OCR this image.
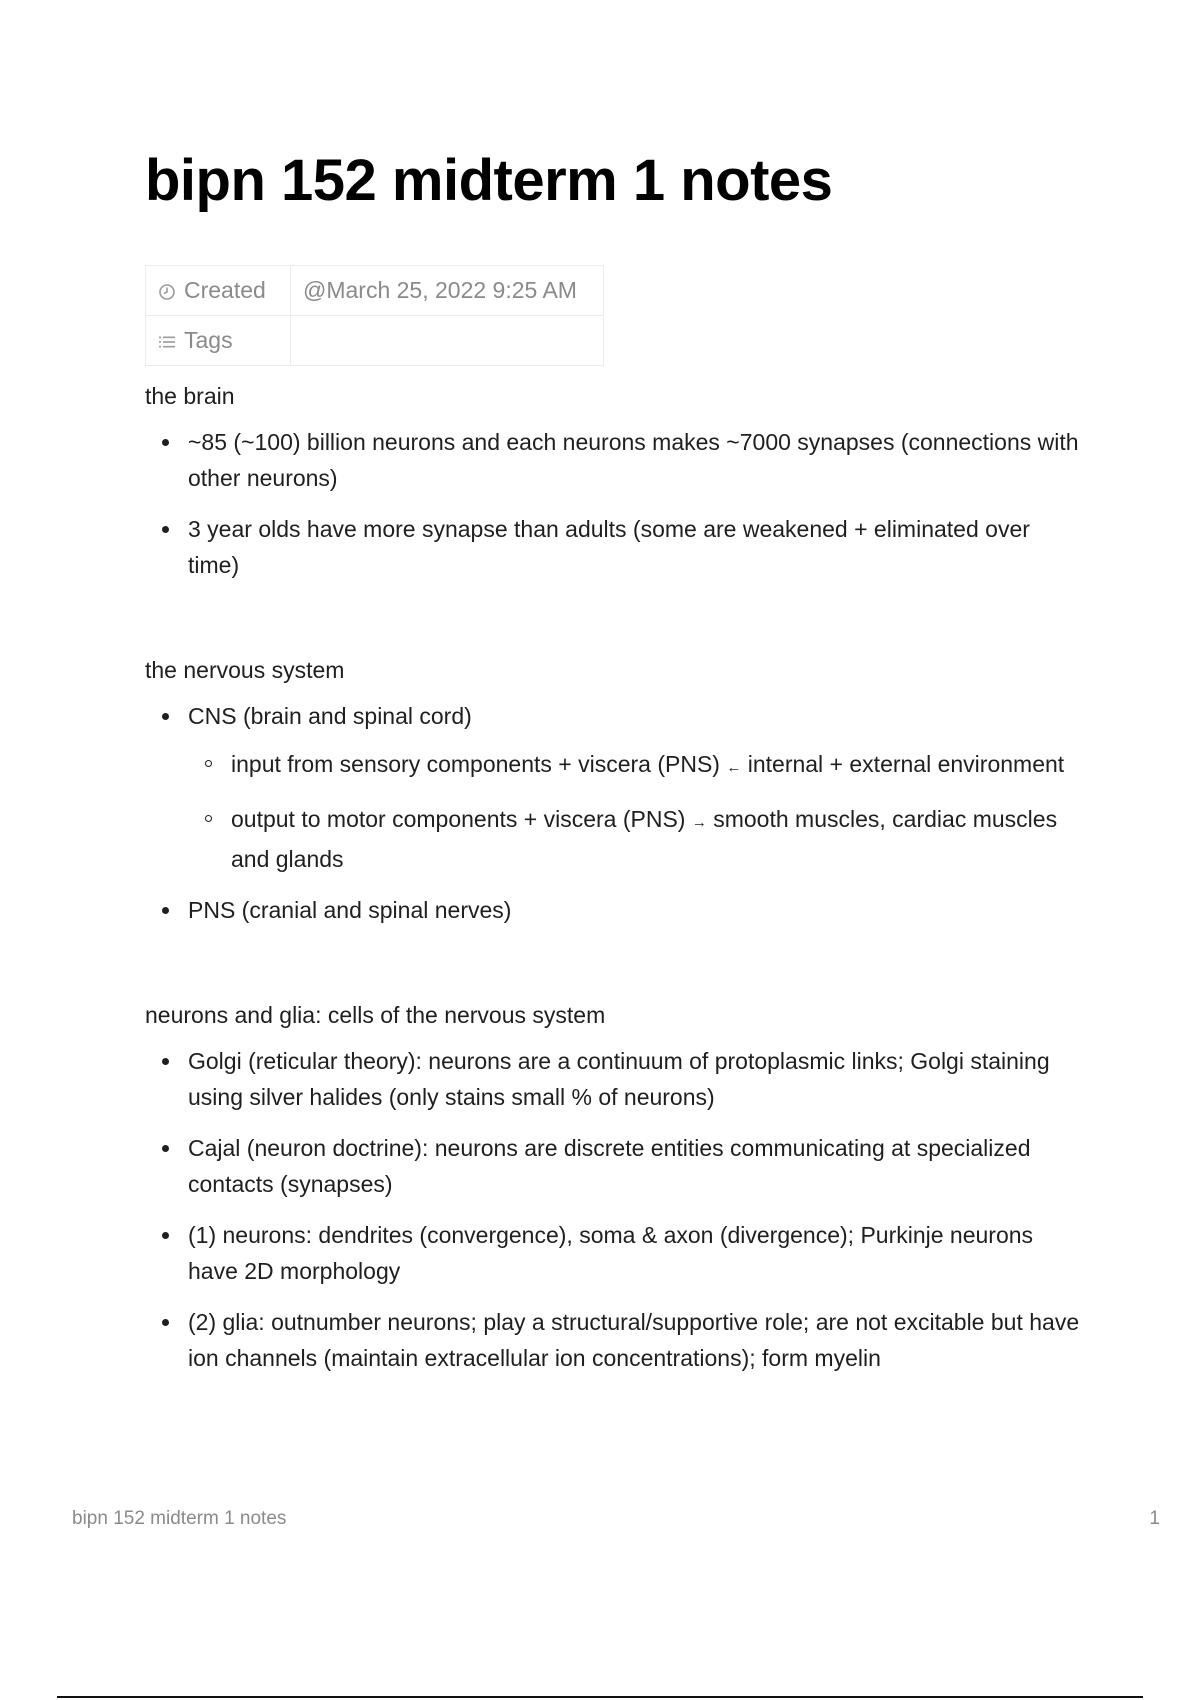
bipn 152 midterm 1 notes
Created	@March 25, 2022 9:25 AM

Tags	

the brain

~85 (~100) billion neurons and each neurons makes ~7000 synapses (connections with other neurons)
3 year olds have more synapse than adults (some are weakened + eliminated over time)

the nervous system

CNS (brain and spinal cord)
input from sensory components + viscera (PNS) ← internal + external environment
output to motor components + viscera (PNS) → smooth muscles, cardiac muscles and glands
PNS (cranial and spinal nerves)

neurons and glia: cells of the nervous system

Golgi (reticular theory): neurons are a continuum of protoplasmic links; Golgi staining using silver halides (only stains small % of neurons)
Cajal (neuron doctrine): neurons are discrete entities communicating at specialized contacts (synapses)
(1) neurons: dendrites (convergence), soma & axon (divergence); Purkinje neurons have 2D morphology
(2) glia: outnumber neurons; play a structural/supportive role; are not excitable but have ion channels (maintain extracellular ion concentrations); form myelin
bipn 152 midterm 1 notes	1
